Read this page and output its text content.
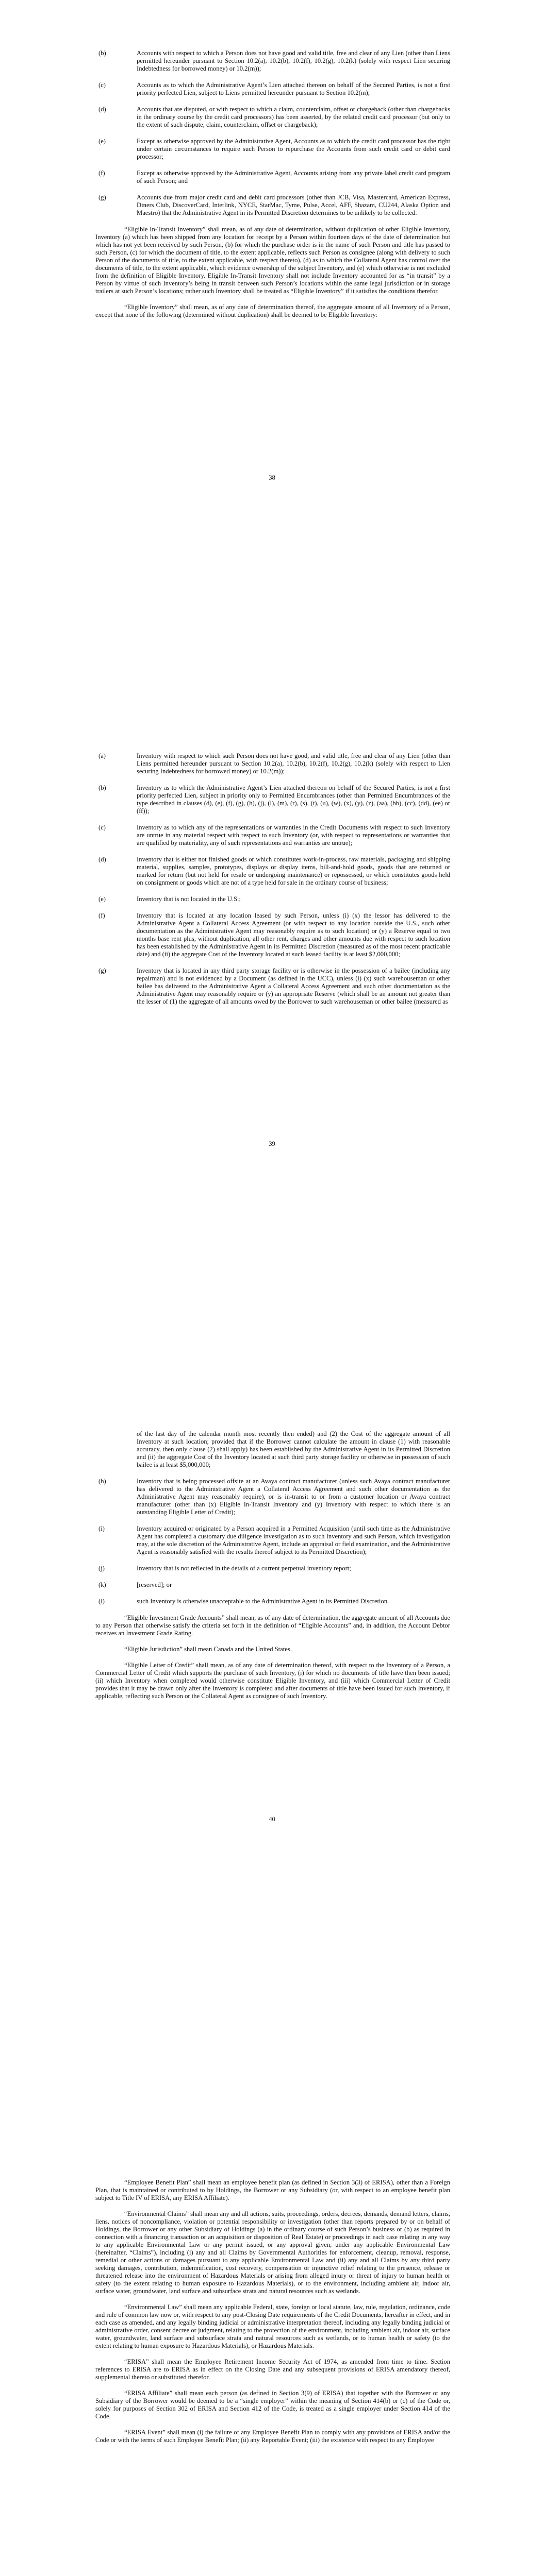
(b)	Accounts with respect to which a Person does not have good and valid title, free and clear of any Lien (other than Liens permitted hereunder pursuant to Section 10.2(a), 10.2(b), 10.2(f), 10.2(g), 10.2(k) (solely with respect Lien securing Indebtedness for borrowed money) or 10.2(m));
(c)	Accounts as to which the Administrative Agent’s Lien attached thereon on behalf of the Secured Parties, is not a first priority perfected Lien, subject to Liens permitted hereunder pursuant to Section 10.2(m);
(d)	Accounts that are disputed, or with respect to which a claim, counterclaim, offset or chargeback (other than chargebacks in the ordinary course by the credit card processors) has been asserted, by the related credit card processor (but only to the extent of such dispute, claim, counterclaim, offset or chargeback);
(e)	Except as otherwise approved by the Administrative Agent, Accounts as to which the credit card processor has the right under certain circumstances to require such Person to repurchase the Accounts from such credit card or debit card processor;
(f)	Except as otherwise approved by the Administrative Agent, Accounts arising from any private label credit card program of such Person; and
(g)	Accounts due from major credit card and debit card processors (other than JCB, Visa, Mastercard, American Express, Diners Club, DiscoverCard, Interlink, NYCE, StarMac, Tyme, Pulse, Accel, AFF, Shazam, CU244, Alaska Option and Maestro) that the Administrative Agent in its Permitted Discretion determines to be unlikely to be collected.

“Eligible In-Transit Inventory” shall mean, as of any date of determination, without duplication of other Eligible Inventory, Inventory (a) which has been shipped from any location for receipt by a Person within fourteen days of the date of determination but which has not yet been received by such Person, (b) for which the purchase order is in the name of such Person and title has passed to such Person, (c) for which the document of title, to the extent applicable, reflects such Person as consignee (along with delivery to such Person of the documents of title, to the extent applicable, with respect thereto), (d) as to which the Collateral Agent has control over the documents of title, to the extent applicable, which evidence ownership of the subject Inventory, and (e) which otherwise is not excluded from the definition of Eligible Inventory. Eligible In-Transit Inventory shall not include Inventory accounted for as “in transit” by a Person by virtue of such Inventory’s being in transit between such Person’s locations within the same legal jurisdiction or in storage trailers at such Person’s locations; rather such Inventory shall be treated as “Eligible Inventory” if it satisfies the conditions therefor.

“Eligible Inventory” shall mean, as of any date of determination thereof, the aggregate amount of all Inventory of a Person, except that none of the following (determined without duplication) shall be deemed to be Eligible Inventory:

38
(a)	Inventory with respect to which such Person does not have good, and valid title, free and clear of any Lien (other than Liens permitted hereunder pursuant to Section 10.2(a), 10.2(b), 10.2(f), 10.2(g), 10.2(k) (solely with respect to Lien securing Indebtedness for borrowed money) or 10.2(m));
(b)	Inventory as to which the Administrative Agent’s Lien attached thereon on behalf of the Secured Parties, is not a first priority perfected Lien, subject in priority only to Permitted Encumbrances (other than Permitted Encumbrances of the type described in clauses (d), (e), (f), (g), (h), (j), (l), (m), (r), (s), (t), (u), (w), (x), (y), (z), (aa), (bb), (cc), (dd), (ee) or (ff));
(c)	Inventory as to which any of the representations or warranties in the Credit Documents with respect to such Inventory are untrue in any material respect with respect to such Inventory (or, with respect to representations or warranties that are qualified by materiality, any of such representations and warranties are untrue);
(d)	Inventory that is either not finished goods or which constitutes work-in-process, raw materials, packaging and shipping material, supplies, samples, prototypes, displays or display items, bill-and-hold goods, goods that are returned or marked for return (but not held for resale or undergoing maintenance) or repossessed, or which constitutes goods held on consignment or goods which are not of a type held for sale in the ordinary course of business;
(e)	Inventory that is not located in the U.S.;
(f)	Inventory that is located at any location leased by such Person, unless (i) (x) the lessor has delivered to the Administrative Agent a Collateral Access Agreement (or with respect to any location outside the U.S., such other documentation as the Administrative Agent may reasonably require as to such location) or (y) a Reserve equal to two months base rent plus, without duplication, all other rent, charges and other amounts due with respect to such location has been established by the Administrative Agent in its Permitted Discretion (measured as of the most recent practicable date) and (ii) the aggregate Cost of the Inventory located at such leased facility is at least $2,000,000;
(g)	Inventory that is located in any third party storage facility or is otherwise in the possession of a bailee (including any repairman) and is not evidenced by a Document (as defined in the UCC), unless (i) (x) such warehouseman or other bailee has delivered to the Administrative Agent a Collateral Access Agreement and such other documentation as the Administrative Agent may reasonably require or (y) an appropriate Reserve (which shall be an amount not greater than the lesser of (1) the aggregate of all amounts owed by the Borrower to such warehouseman or other bailee (measured as
39
of the last day of the calendar month most recently then ended) and (2) the Cost of the aggregate amount of all Inventory at such location; provided that if the Borrower cannot calculate the amount in clause (1) with reasonable accuracy, then only clause (2) shall apply) has been established by the Administrative Agent in its Permitted Discretion and (ii) the aggregate Cost of the Inventory located at such third party storage facility or otherwise in possession of such bailee is at least $5,000,000;
(h)	Inventory that is being processed offsite at an Avaya contract manufacturer (unless such Avaya contract manufacturer has delivered to the Administrative Agent a Collateral Access Agreement and such other documentation as the Administrative Agent may reasonably require), or is in-transit to or from a customer location or Avaya contract manufacturer (other than (x) Eligible In-Transit Inventory and (y) Inventory with respect to which there is an outstanding Eligible Letter of Credit);
(i)	Inventory acquired or originated by a Person acquired in a Permitted Acquisition (until such time as the Administrative Agent has completed a customary due diligence investigation as to such Inventory and such Person, which investigation may, at the sole discretion of the Administrative Agent, include an appraisal or field examination, and the Administrative Agent is reasonably satisfied with the results thereof subject to its Permitted Discretion);
(j)	Inventory that is not reflected in the details of a current perpetual inventory report;
(k)	[reserved]; or
(l)	such Inventory is otherwise unacceptable to the Administrative Agent in its Permitted Discretion.

“Eligible Investment Grade Accounts” shall mean, as of any date of determination, the aggregate amount of all Accounts due to any Person that otherwise satisfy the criteria set forth in the definition of “Eligible Accounts” and, in addition, the Account Debtor receives an Investment Grade Rating.

“Eligible Jurisdiction” shall mean Canada and the United States.

“Eligible Letter of Credit” shall mean, as of any date of determination thereof, with respect to the Inventory of a Person, a Commercial Letter of Credit which supports the purchase of such Inventory, (i) for which no documents of title have then been issued; (ii) which Inventory when completed would otherwise constitute Eligible Inventory, and (iii) which Commercial Letter of Credit provides that it may be drawn only after the Inventory is completed and after documents of title have been issued for such Inventory, if applicable, reflecting such Person or the Collateral Agent as consignee of such Inventory.

40

“Employee Benefit Plan” shall mean an employee benefit plan (as defined in Section 3(3) of ERISA), other than a Foreign Plan, that is maintained or contributed to by Holdings, the Borrower or any Subsidiary (or, with respect to an employee benefit plan subject to Title IV of ERISA, any ERISA Affiliate).

“Environmental Claims” shall mean any and all actions, suits, proceedings, orders, decrees, demands, demand letters, claims, liens, notices of noncompliance, violation or potential responsibility or investigation (other than reports prepared by or on behalf of Holdings, the Borrower or any other Subsidiary of Holdings (a) in the ordinary course of such Person’s business or (b) as required in connection with a financing transaction or an acquisition or disposition of Real Estate) or proceedings in each case relating in any way to any applicable Environmental Law or any permit issued, or any approval given, under any applicable Environmental Law (hereinafter, “Claims”), including (i) any and all Claims by Governmental Authorities for enforcement, cleanup, removal, response, remedial or other actions or damages pursuant to any applicable Environmental Law and (ii) any and all Claims by any third party seeking damages, contribution, indemnification, cost recovery, compensation or injunctive relief relating to the presence, release or threatened release into the environment of Hazardous Materials or arising from alleged injury or threat of injury to human health or safety (to the extent relating to human exposure to Hazardous Materials), or to the environment, including ambient air, indoor air, surface water, groundwater, land surface and subsurface strata and natural resources such as wetlands.

“Environmental Law” shall mean any applicable Federal, state, foreign or local statute, law, rule, regulation, ordinance, code and rule of common law now or, with respect to any post-Closing Date requirements of the Credit Documents, hereafter in effect, and in each case as amended, and any legally binding judicial or administrative interpretation thereof, including any legally binding judicial or administrative order, consent decree or judgment, relating to the protection of the environment, including ambient air, indoor air, surface water, groundwater, land surface and subsurface strata and natural resources such as wetlands, or to human health or safety (to the extent relating to human exposure to Hazardous Materials), or Hazardous Materials.

“ERISA” shall mean the Employee Retirement Income Security Act of 1974, as amended from time to time. Section references to ERISA are to ERISA as in effect on the Closing Date and any subsequent provisions of ERISA amendatory thereof, supplemental thereto or substituted therefor.

“ERISA Affiliate” shall mean each person (as defined in Section 3(9) of ERISA) that together with the Borrower or any Subsidiary of the Borrower would be deemed to be a “single employer” within the meaning of Section 414(b) or (c) of the Code or, solely for purposes of Section 302 of ERISA and Section 412 of the Code, is treated as a single employer under Section 414 of the Code.

“ERISA Event” shall mean (i) the failure of any Employee Benefit Plan to comply with any provisions of ERISA and/or the Code or with the terms of such Employee Benefit Plan; (ii) any Reportable Event; (iii) the existence with respect to any Employee
